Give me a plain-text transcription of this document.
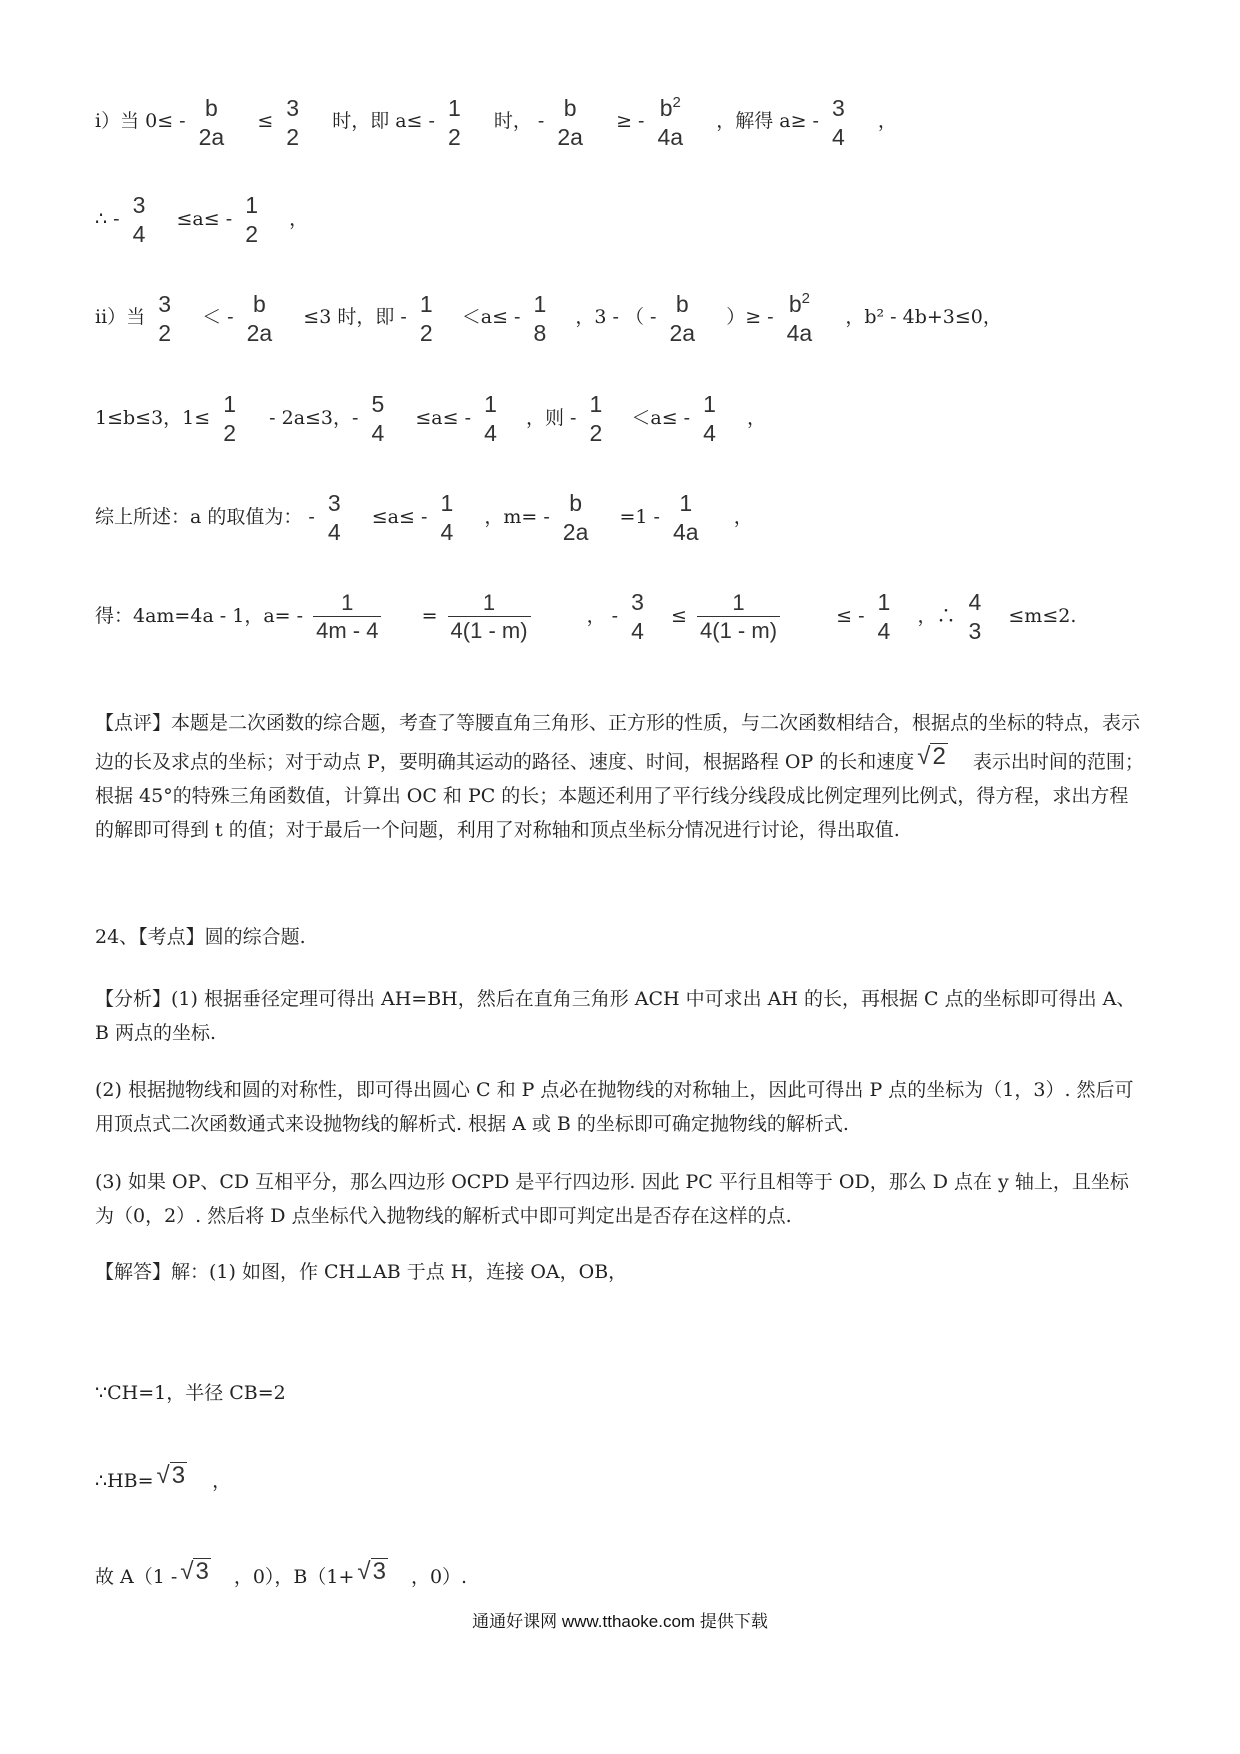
i）当 0≤ -
b
2a
≤
3
2
时，即 a≤ -
1
2
时， -
b
2a
≥ -
$b^2$
4a
，解得 a≥ -
3
4
，
∴ -
3
4
≤a≤ -
1
2
，
ii）当
3
2
＜ -
b
2a
≤3 时，即 -
1
2
＜a≤ -
1
8
，3 - （ -
b
2a
）≥ -
$b^2$
4a
，b² - 4b+3≤0，
1≤b≤3，1≤
1
2
- 2a≤3，-
5
4
≤a≤ -
1
4
，则 -
1
2
＜a≤ -
1
4
，
综上所述：a 的取值为： -
3
4
≤a≤ -
1
4
，m= -
b
2a
=1 -
1
4a
，
得：4am=4a - 1，$a= - \frac{1}{4m - 4} = \frac{1}{4(1 - m)}$	， -
3
4
≤ $\frac{1}{4(1 - m)}$	≤ -
1
4
，∴
4
3
≤m≤2.
【点评】本题是二次函数的综合题，考查了等腰直角三角形、正方形的性质，与二次函数相结合，根据点的坐标的特点，表示边的长及求点的坐标；对于动点 P，要明确其运动的路径、速度、时间，根据路程 OP 的长和速度 √2 表示出时间的范围；根据 45°的特殊三角函数值，计算出 OC 和 PC 的长；本题还利用了平行线分线段成比例定理列比例式，得方程，求出方程的解即可得到 t 的值；对于最后一个问题，利用了对称轴和顶点坐标分情况进行讨论，得出取值.
24、【考点】圆的综合题.
【分析】(1) 根据垂径定理可得出 AH=BH，然后在直角三角形 ACH 中可求出 AH 的长，再根据 C 点的坐标即可得出 A、B 两点的坐标.
(2) 根据抛物线和圆的对称性，即可得出圆心 C 和 P 点必在抛物线的对称轴上，因此可得出 P 点的坐标为（1，3）. 然后可用顶点式二次函数通式来设抛物线的解析式. 根据 A 或 B 的坐标即可确定抛物线的解析式.
(3) 如果 OP、CD 互相平分，那么四边形 OCPD 是平行四边形. 因此 PC 平行且相等于 OD，那么 D 点在 y 轴上，且坐标为（0，2）. 然后将 D 点坐标代入抛物线的解析式中即可判定出是否存在这样的点.
【解答】解：(1) 如图，作 CH⊥AB 于点 H，连接 OA，OB，
∵CH=1，半径 CB=2
∴HB= √3 ，
故 A（1 - √3 ，0），B（1+ √3 ，0）.
通通好课网 www.tthaoke.com 提供下载
